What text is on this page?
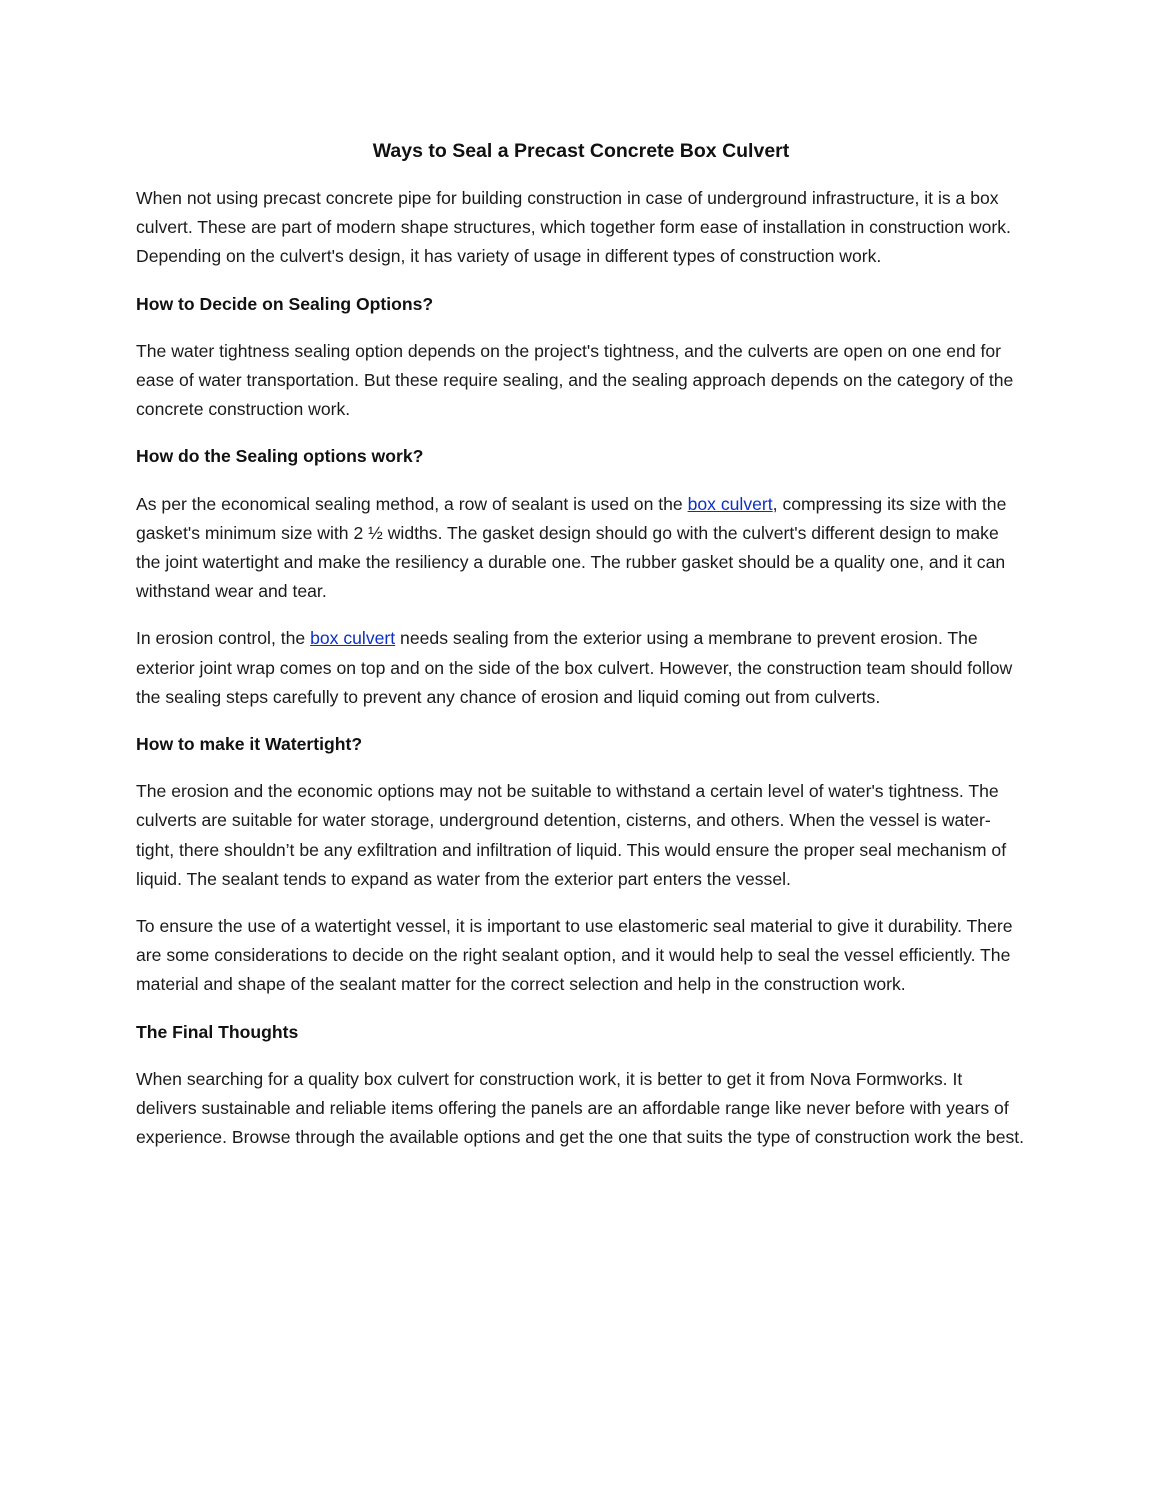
Ways to Seal a Precast Concrete Box Culvert

When not using precast concrete pipe for building construction in case of underground infrastructure, it is a box culvert. These are part of modern shape structures, which together form ease of installation in construction work. Depending on the culvert's design, it has variety of usage in different types of construction work.

How to Decide on Sealing Options?

The water tightness sealing option depends on the project's tightness, and the culverts are open on one end for ease of water transportation. But these require sealing, and the sealing approach depends on the category of the concrete construction work.

How do the Sealing options work?

As per the economical sealing method, a row of sealant is used on the box culvert, compressing its size with the gasket's minimum size with 2 ½ widths. The gasket design should go with the culvert's different design to make the joint watertight and make the resiliency a durable one. The rubber gasket should be a quality one, and it can withstand wear and tear.

In erosion control, the box culvert needs sealing from the exterior using a membrane to prevent erosion. The exterior joint wrap comes on top and on the side of the box culvert. However, the construction team should follow the sealing steps carefully to prevent any chance of erosion and liquid coming out from culverts.

How to make it Watertight?

The erosion and the economic options may not be suitable to withstand a certain level of water's tightness. The culverts are suitable for water storage, underground detention, cisterns, and others. When the vessel is water-tight, there shouldn’t be any exfiltration and infiltration of liquid. This would ensure the proper seal mechanism of liquid. The sealant tends to expand as water from the exterior part enters the vessel.

To ensure the use of a watertight vessel, it is important to use elastomeric seal material to give it durability. There are some considerations to decide on the right sealant option, and it would help to seal the vessel efficiently. The material and shape of the sealant matter for the correct selection and help in the construction work.

The Final Thoughts

When searching for a quality box culvert for construction work, it is better to get it from Nova Formworks. It delivers sustainable and reliable items offering the panels are an affordable range like never before with years of experience. Browse through the available options and get the one that suits the type of construction work the best.
